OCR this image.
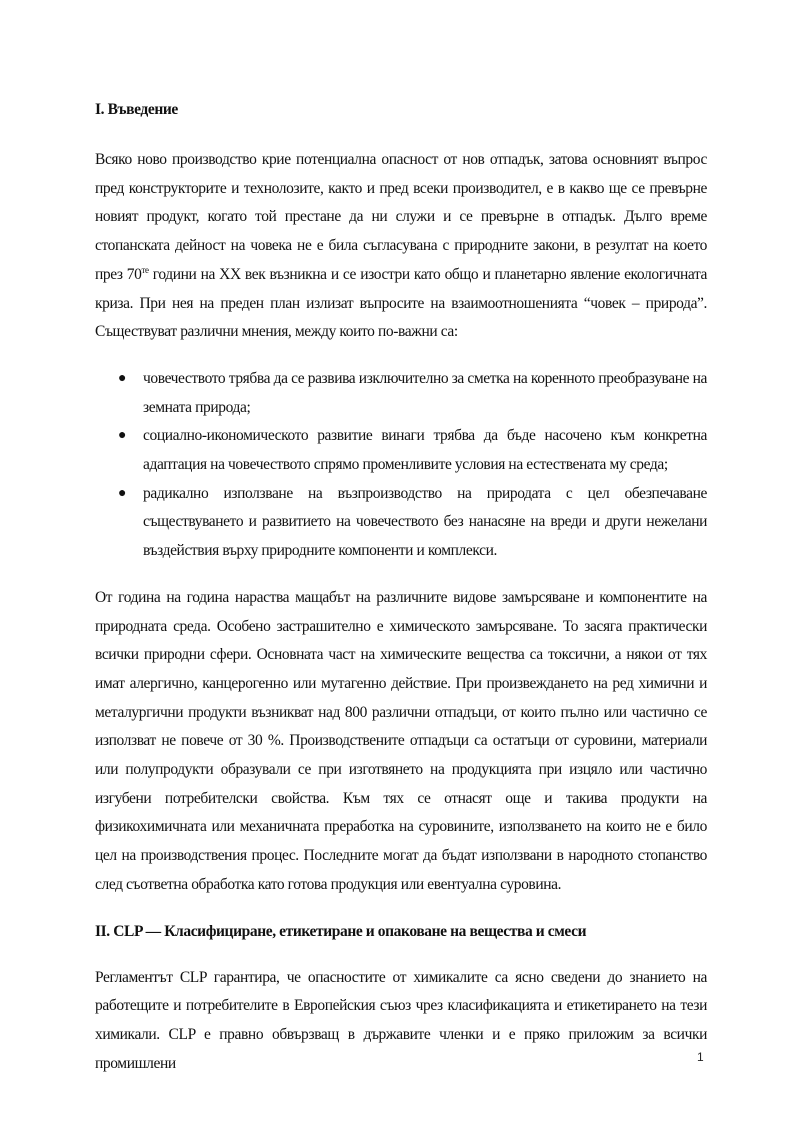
I. Въведение

Всяко ново производство крие потенциална опасност от нов отпадък, затова основният въпрос пред конструкторите и технолозите, както и пред всеки производител, е в какво ще се превърне новият продукт, когато той престане да ни служи и се превърне в отпадък. Дълго време стопанската дейност на човека не е била съгласувана с природните закони, в резултат на което през $70^{те}$ години на ХХ век възникна и се изостри като общо и планетарно явление екологичната криза. При нея на преден план излизат въпросите на взаимоотношенията “човек – природа”. Съществуват различни мнения, между които по-важни са:

● човечеството трябва да се развива изключително за сметка на коренното преобразуване на земната природа;
● социално-икономическото развитие винаги трябва да бъде насочено към конкретна адаптация на човечеството спрямо променливите условия на естествената му среда;
● радикално използване на възпроизводство на природата с цел обезпечаване съществуването и развитието на човечеството без нанасяне на вреди и други нежелани въздействия върху природните компоненти и комплекси.

От година на година нараства мащабът на различните видове замърсяване и компонентите на природната среда. Особено застрашително е химическото замърсяване. То засяга практически всички природни сфери. Основната част на химическите вещества са токсични, а някои от тях имат алергично, канцерогенно или мутагенно действие. При произвеждането на ред химични и металургични продукти възникват над 800 различни отпадъци, от които пълно или частично се използват не повече от 30 %. Производствените отпадъци са остатъци от суровини, материали или полупродукти образували се при изготвянето на продукцията при изцяло или частично изгубени потребителски свойства. Към тях се отнасят още и такива продукти на физикохимичната или механичната преработка на суровините, използването на които не е било цел на производствения процес. Последните могат да бъдат използвани в народното стопанство след съответна обработка като готова продукция или евентуална суровина.

II. CLP — Класифициране, етикетиране и опаковане на вещества и смеси

Регламентът CLP гарантира, че опасностите от химикалите са ясно сведени до знанието на работещите и потребителите в Европейския съюз чрез класификацията и етикетирането на тези химикали. CLP е правно обвързващ в държавите членки и е пряко приложим за всички промишлени	1
